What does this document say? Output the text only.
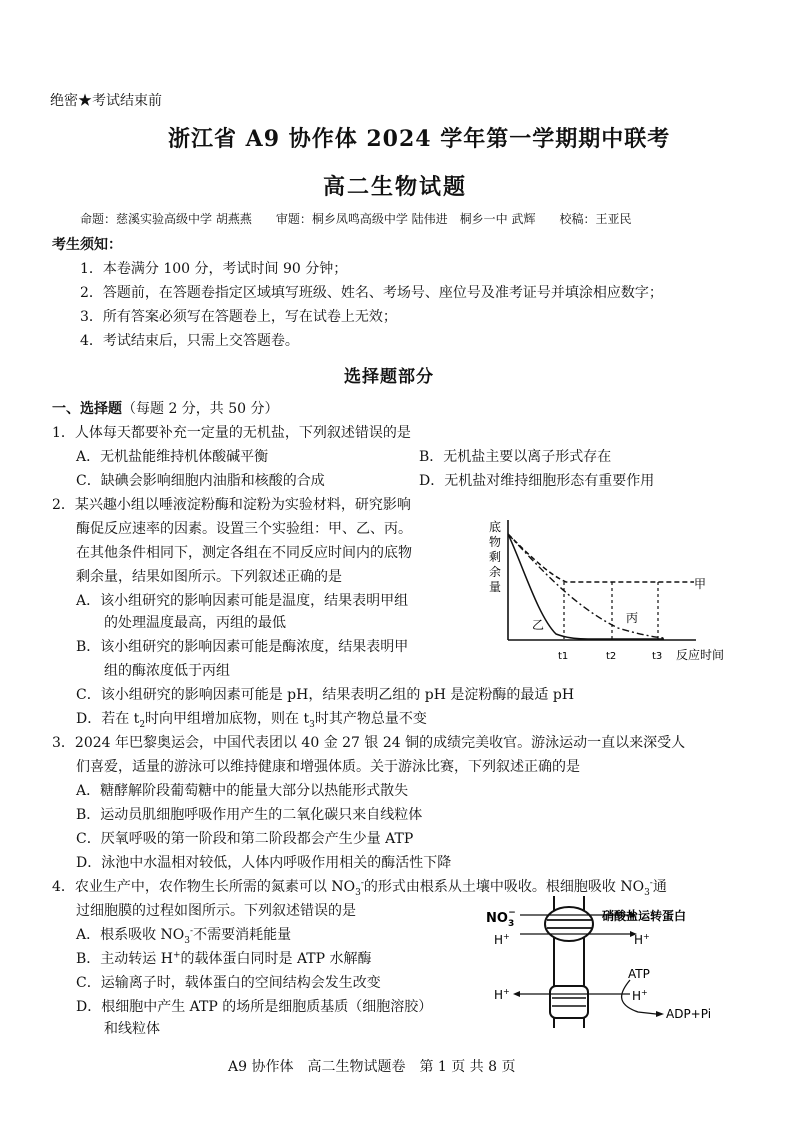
绝密★考试结束前
浙江省 A9 协作体 2024 学年第一学期期中联考
高二生物试题
命题：慈溪实验高级中学 胡燕燕　　审题：桐乡凤鸣高级中学 陆伟进　桐乡一中 武辉　　校稿：王亚民
考生须知：
1．本卷满分 100 分，考试时间 90 分钟；
2．答题前，在答题卷指定区域填写班级、姓名、考场号、座位号及准考证号并填涂相应数字；
3．所有答案必须写在答题卷上，写在试卷上无效；
4．考试结束后，只需上交答题卷。
选择题部分
一、选择题（每题 2 分，共 50 分）
1．人体每天都要补充一定量的无机盐，下列叙述错误的是
A．无机盐能维持机体酸碱平衡	B．无机盐主要以离子形式存在
C．缺碘会影响细胞内油脂和核酸的合成	D．无机盐对维持细胞形态有重要作用
2．某兴趣小组以唾液淀粉酶和淀粉为实验材料，研究影响
酶促反应速率的因素。设置三个实验组：甲、乙、丙。
在其他条件相同下，测定各组在不同反应时间内的底物
剩余量，结果如图所示。下列叙述正确的是
A．该小组研究的影响因素可能是温度，结果表明甲组
的处理温度最高，丙组的最低
B．该小组研究的影响因素可能是酶浓度，结果表明甲
组的酶浓度低于丙组
C．该小组研究的影响因素可能是 pH，结果表明乙组的 pH 是淀粉酶的最适 pH
D．若在 $t_2$时向甲组增加底物，则在 $t_3$时其产物总量不变
底
物
剩
余
量	甲
乙	丙
t1	t2	t3 反应时间
3．2024 年巴黎奥运会，中国代表团以 40 金 27 银 24 铜的成绩完美收官。游泳运动一直以来深受人
们喜爱，适量的游泳可以维持健康和增强体质。关于游泳比赛，下列叙述正确的是
A．糖酵解阶段葡萄糖中的能量大部分以热能形式散失
B．运动员肌细胞呼吸作用产生的二氧化碳只来自线粒体
C．厌氧呼吸的第一阶段和第二阶段都会产生少量 ATP
D．泳池中水温相对较低，人体内呼吸作用相关的酶活性下降
4．农业生产中，农作物生长所需的氮素可以 $NO_3^-$的形式由根系从土壤中吸收。根细胞吸收 $NO_3^-$通
过细胞膜的过程如图所示。下列叙述错误的是
A．根系吸收 $NO_3^-$不需要消耗能量
B．主动转运 H+的载体蛋白同时是 ATP 水解酶
C．运输离子时，载体蛋白的空间结构会发生改变
D．根细胞中产生 ATP 的场所是细胞质基质（细胞溶胶）
和线粒体
$NO_3-$
H+
H+
硝酸盐运转蛋白
H+
ATP
H+
ADP+Pi
A9 协作体　高二生物试题卷　第 1 页 共 8 页
